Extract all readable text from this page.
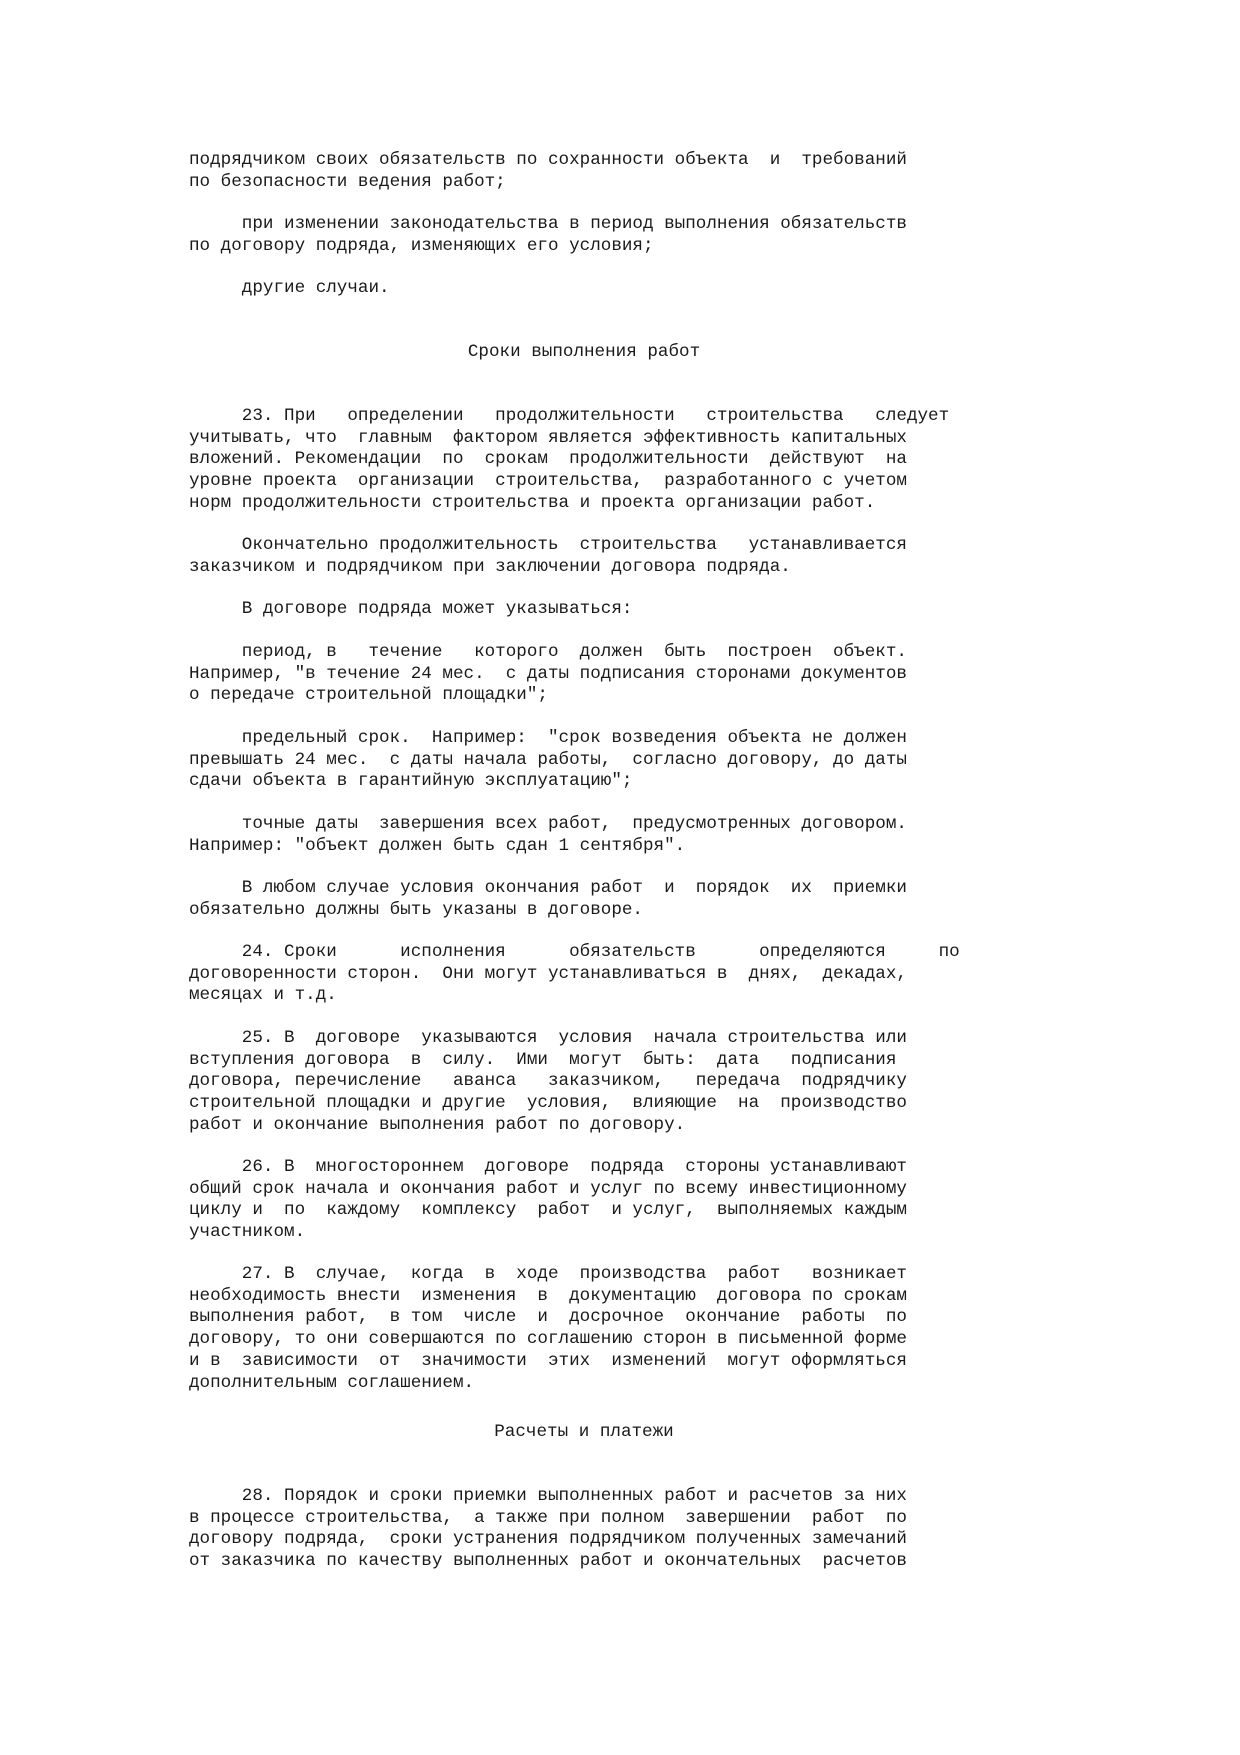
подрядчиком своих обязательств по сохранности объекта  и  требований
по безопасности ведения работ;

при изменении законодательства в период выполнения обязательств
по договору подряда, изменяющих его условия;

другие случаи.

Сроки выполнения работ

23. При   определении   продолжительности   строительства   следует
учитывать, что  главным  фактором является эффективность капитальных
вложений. Рекомендации  по  срокам  продолжительности  действуют  на
уровне проекта  организации  строительства,  разработанного с учетом
норм продолжительности строительства и проекта организации работ.

Окончательно продолжительность  строительства   устанавливается
заказчиком и подрядчиком при заключении договора подряда.

В договоре подряда может указываться:

период, в   течение   которого  должен  быть  построен  объект.
Например, "в течение 24 мес.  с даты подписания сторонами документов
о передаче строительной площадки";

предельный срок.  Например:  "срок возведения объекта не должен
превышать 24 мес.  с даты начала работы,  согласно договору, до даты
сдачи объекта в гарантийную эксплуатацию";

точные даты  завершения всех работ,  предусмотренных договором.
Например: "объект должен быть сдан 1 сентября".

В любом случае условия окончания работ  и  порядок  их  приемки
обязательно должны быть указаны в договоре.

24. Сроки      исполнения      обязательств      определяются     по
договоренности сторон.  Они могут устанавливаться в  днях,  декадах,
месяцах и т.д.

25. В  договоре  указываются  условия  начала строительства или
вступления договора  в  силу.  Ими  могут  быть:  дата   подписания
договора, перечисление   аванса   заказчиком,   передача  подрядчику
строительной площадки и другие  условия,  влияющие  на  производство
работ и окончание выполнения работ по договору.

26. В  многостороннем  договоре  подряда  стороны устанавливают
общий срок начала и окончания работ и услуг по всему инвестиционному
циклу и  по  каждому  комплексу  работ  и услуг,  выполняемых каждым
участником.

27. В  случае,  когда  в  ходе  производства  работ   возникает
необходимость внести  изменения  в  документацию  договора по срокам
выполнения работ,  в том  числе  и  досрочное  окончание  работы  по
договору, то они совершаются по соглашению сторон в письменной форме
и в  зависимости  от  значимости  этих  изменений  могут оформляться
дополнительным соглашением.

Расчеты и платежи

28. Порядок и сроки приемки выполненных работ и расчетов за них
в процессе строительства,  а также при полном  завершении  работ  по
договору подряда,  сроки устранения подрядчиком полученных замечаний
от заказчика по качеству выполненных работ и окончательных  расчетов
